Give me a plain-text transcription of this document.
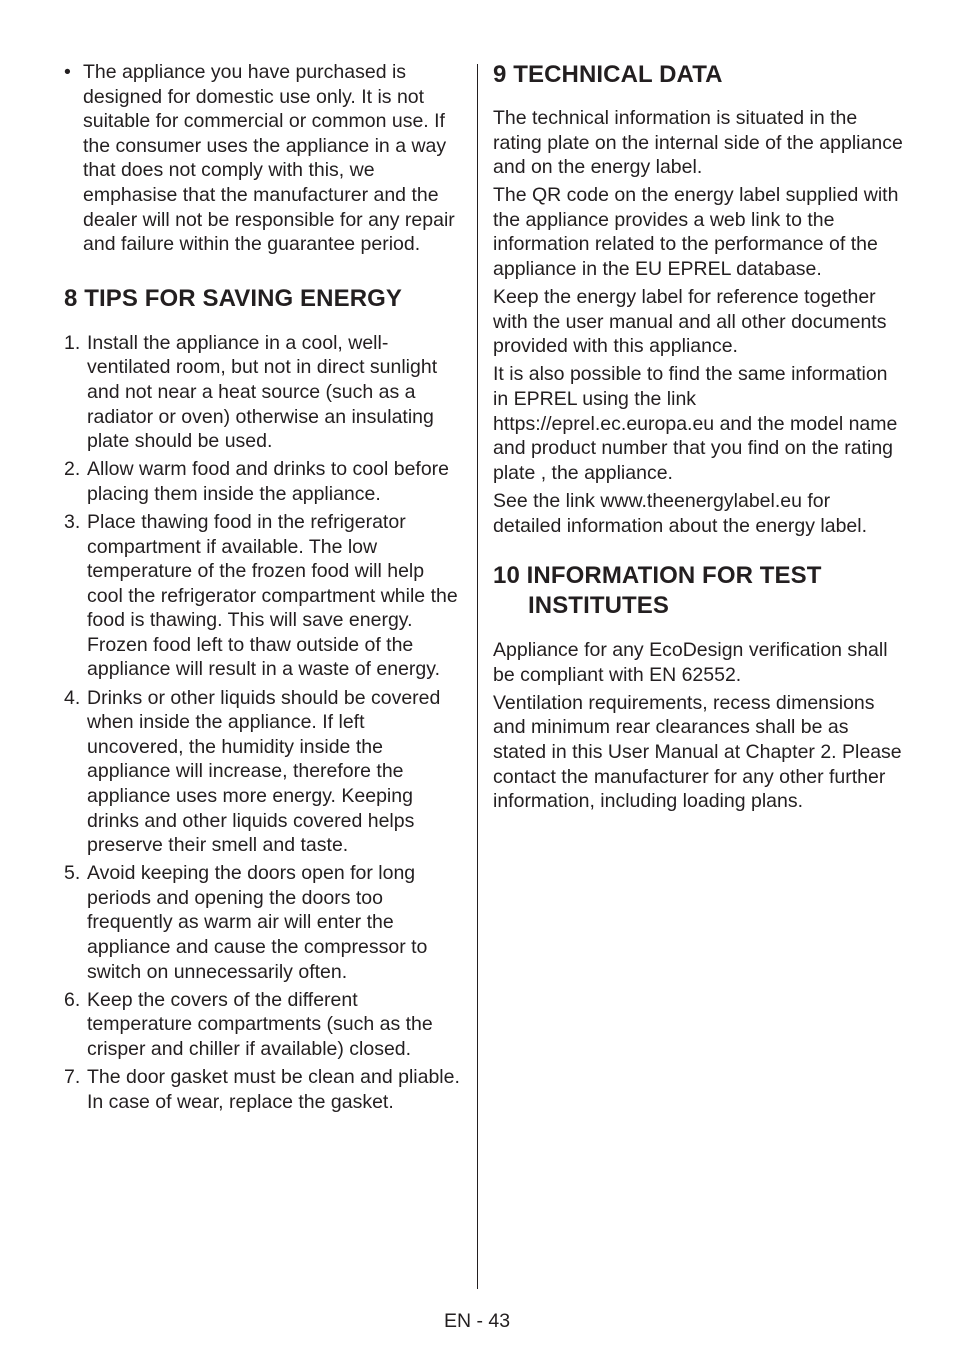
• The appliance you have purchased is designed for domestic use only. It is not suitable for commercial or common use. If the consumer uses the appliance in a way that does not comply with this, we emphasise that the manufacturer and the dealer will not be responsible for any repair and failure within the guarantee period.
8 TIPS FOR SAVING ENERGY
1. Install the appliance in a cool, well-ventilated room, but not in direct sunlight and not near a heat source (such as a radiator or oven) otherwise an insulating plate should be used.
2. Allow warm food and drinks to cool before placing them inside the appliance.
3. Place thawing food in the refrigerator compartment if available. The low temperature of the frozen food will help cool the refrigerator compartment while the food is thawing. This will save energy. Frozen food left to thaw outside of the appliance will result in a waste of energy.
4. Drinks or other liquids should be covered when inside the appliance. If left uncovered, the humidity inside the appliance will increase, therefore the appliance uses more energy. Keeping drinks and other liquids covered helps preserve their smell and taste.
5. Avoid keeping the doors open for long periods and opening the doors too frequently as warm air will enter the appliance and cause the compressor to switch on unnecessarily often.
6. Keep the covers of the different temperature compartments (such as the crisper and chiller if available) closed.
7. The door gasket must be clean and pliable. In case of wear, replace the gasket.
9 TECHNICAL DATA

The technical information is situated in the rating plate on the internal side of the appliance and on the energy label.

The QR code on the energy label supplied with the appliance provides a web link to the information related to the performance of the appliance in the EU EPREL database.

Keep the energy label for reference together with the user manual and all other documents provided with this appliance.

It is also possible to find the same information in EPREL using the link https://eprel.ec.europa.eu and the model name and product number that you find on the rating plate , the appliance.

See the link www.theenergylabel.eu for detailed information about the energy label.

10 INFORMATION FOR TEST INSTITUTES

Appliance for any EcoDesign verification shall be compliant with EN 62552.

Ventilation requirements, recess dimensions and minimum rear clearances shall be as stated in this User Manual at Chapter 2. Please contact the manufacturer for any other further information, including loading plans.

EN - 43
